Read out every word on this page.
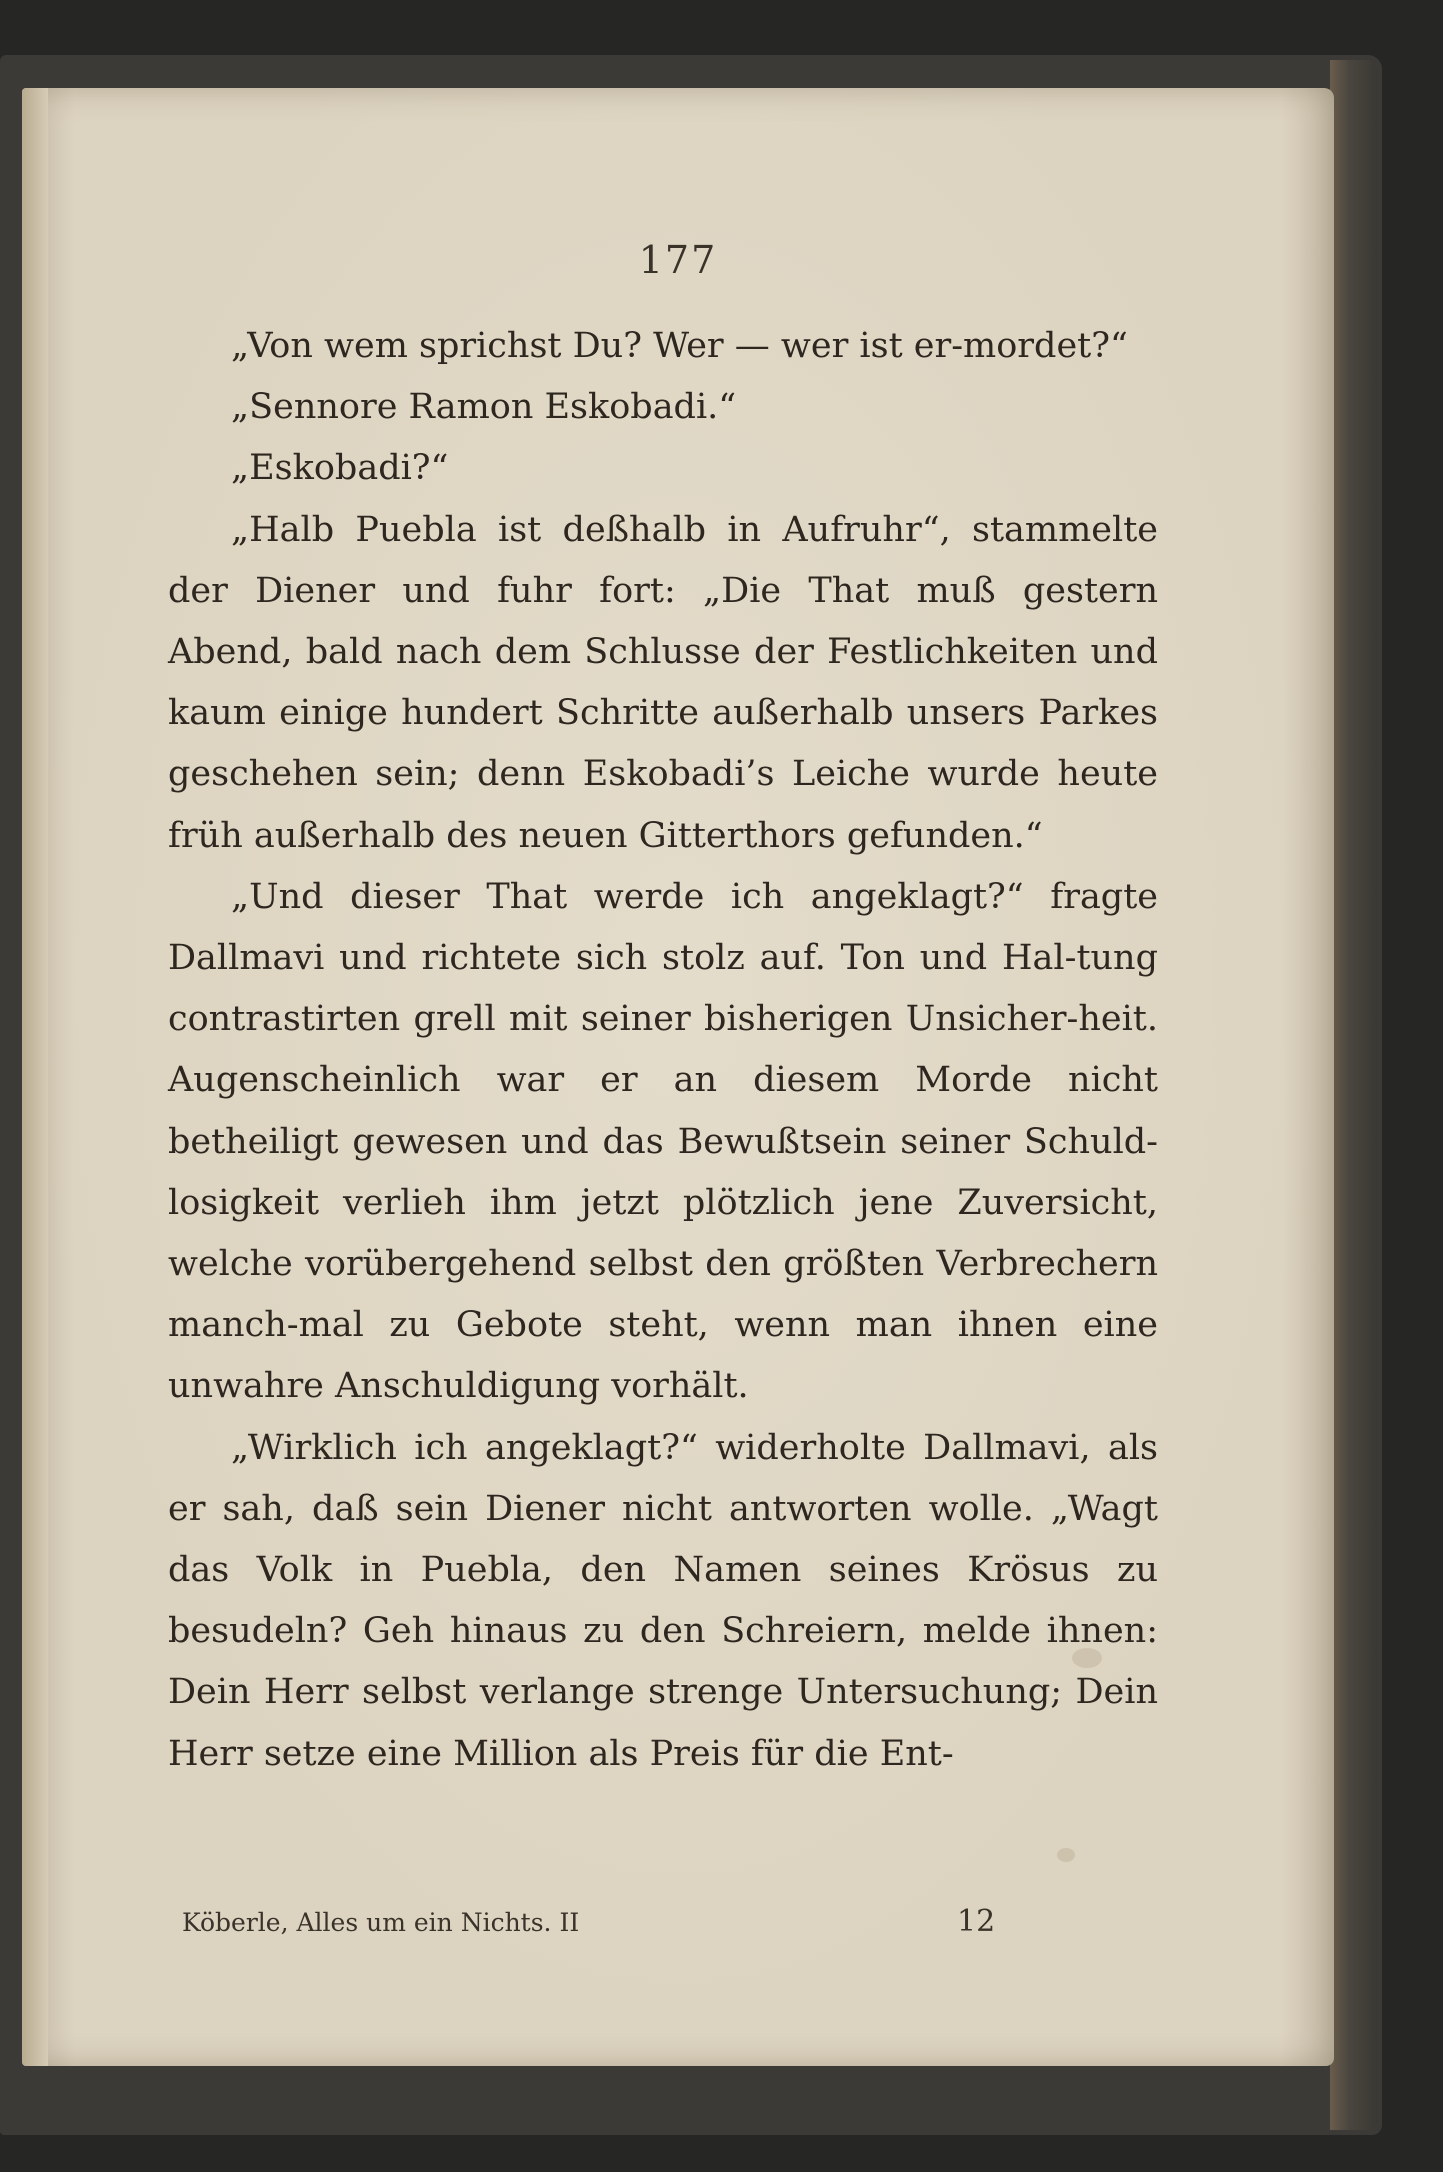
177

„Von wem sprichst Du? Wer — wer ist er-mordet?“

„Sennore Ramon Eskobadi.“

„Eskobadi?“

„Halb Puebla ist deßhalb in Aufruhr“, stammelte der Diener und fuhr fort: „Die That muß gestern Abend, bald nach dem Schlusse der Festlichkeiten und kaum einige hundert Schritte außerhalb unsers Parkes geschehen sein; denn Eskobadi’s Leiche wurde heute früh außerhalb des neuen Gitterthors gefunden.“

„Und dieser That werde ich angeklagt?“ fragte Dallmavi und richtete sich stolz auf. Ton und Hal-tung contrastirten grell mit seiner bisherigen Unsicher-heit. Augenscheinlich war er an diesem Morde nicht betheiligt gewesen und das Bewußtsein seiner Schuld-losigkeit verlieh ihm jetzt plötzlich jene Zuversicht, welche vorübergehend selbst den größten Verbrechern manch-mal zu Gebote steht, wenn man ihnen eine unwahre Anschuldigung vorhält.

„Wirklich ich angeklagt?“ widerholte Dallmavi, als er sah, daß sein Diener nicht antworten wolle. „Wagt das Volk in Puebla, den Namen seines Krösus zu besudeln? Geh hinaus zu den Schreiern, melde ihnen: Dein Herr selbst verlange strenge Untersuchung; Dein Herr setze eine Million als Preis für die Ent-

Köberle, Alles um ein Nichts. II	12
